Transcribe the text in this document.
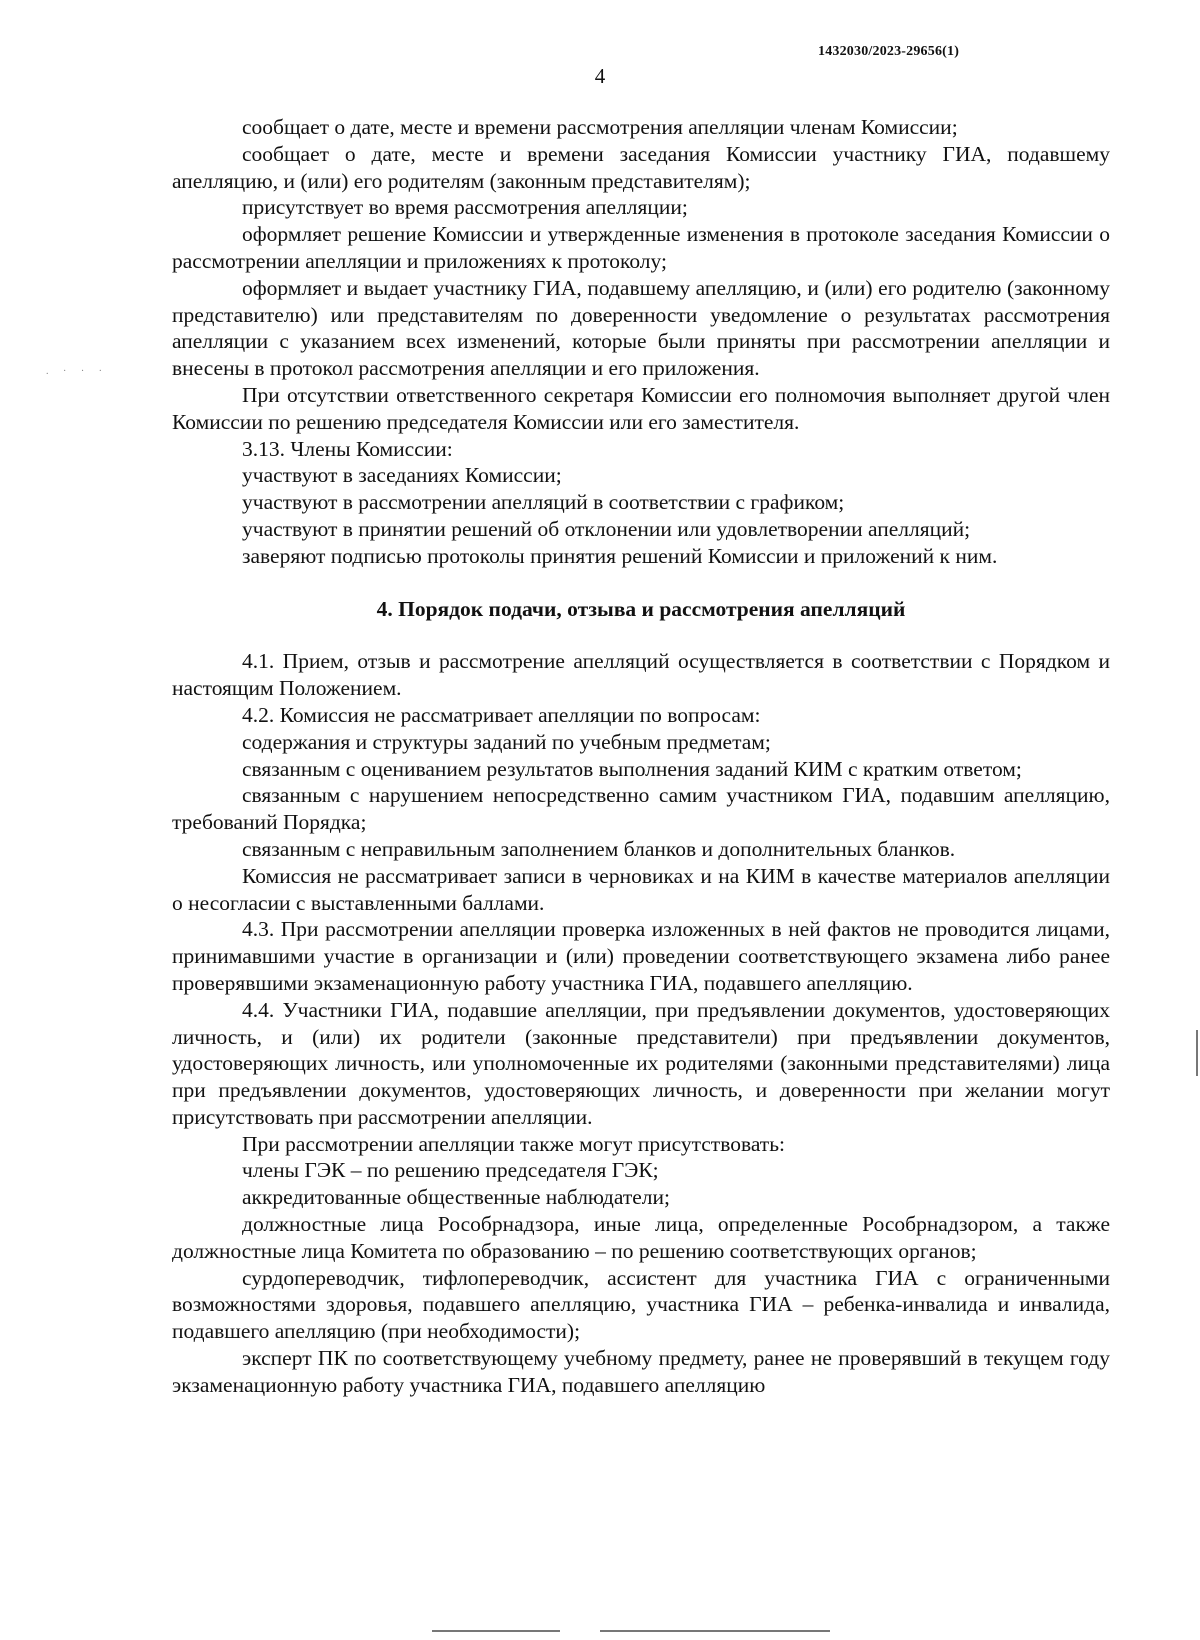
1432030/2023-29656(1)
4
. · · ·

сообщает о дате, месте и времени рассмотрения апелляции членам Комиссии;

сообщает о дате, месте и времени заседания Комиссии участнику ГИА, подавшему апелляцию, и (или) его родителям (законным представителям);

присутствует во время рассмотрения апелляции;

оформляет решение Комиссии и утвержденные изменения в протоколе заседания Комиссии о рассмотрении апелляции и приложениях к протоколу;

оформляет и выдает участнику ГИА, подавшему апелляцию, и (или) его родителю (законному представителю) или представителям по доверенности уведомление о результатах рассмотрения апелляции с указанием всех изменений, которые были приняты при рассмотрении апелляции и внесены в протокол рассмотрения апелляции и его приложения.

При отсутствии ответственного секретаря Комиссии его полномочия выполняет другой член Комиссии по решению председателя Комиссии или его заместителя.

3.13. Члены Комиссии:

участвуют в заседаниях Комиссии;

участвуют в рассмотрении апелляций в соответствии с графиком;

участвуют в принятии решений об отклонении или удовлетворении апелляций;

заверяют подписью протоколы принятия решений Комиссии и приложений к ним.

4. Порядок подачи, отзыва и рассмотрения апелляций

4.1. Прием, отзыв и рассмотрение апелляций осуществляется в соответствии с Порядком и настоящим Положением.

4.2. Комиссия не рассматривает апелляции по вопросам:

содержания и структуры заданий по учебным предметам;

связанным с оцениванием результатов выполнения заданий КИМ с кратким ответом;

связанным с нарушением непосредственно самим участником ГИА, подавшим апелляцию, требований Порядка;

связанным с неправильным заполнением бланков и дополнительных бланков.

Комиссия не рассматривает записи в черновиках и на КИМ в качестве материалов апелляции о несогласии с выставленными баллами.

4.3. При рассмотрении апелляции проверка изложенных в ней фактов не проводится лицами, принимавшими участие в организации и (или) проведении соответствующего экзамена либо ранее проверявшими экзаменационную работу участника ГИА, подавшего апелляцию.

4.4. Участники ГИА, подавшие апелляции, при предъявлении документов, удостоверяющих личность, и (или) их родители (законные представители) при предъявлении документов, удостоверяющих личность, или уполномоченные их родителями (законными представителями) лица при предъявлении документов, удостоверяющих личность, и доверенности при желании могут присутствовать при рассмотрении апелляции.

При рассмотрении апелляции также могут присутствовать:

члены ГЭК – по решению председателя ГЭК;

аккредитованные общественные наблюдатели;

должностные лица Рособрнадзора, иные лица, определенные Рособрнадзором, а также должностные лица Комитета по образованию – по решению соответствующих органов;

сурдопереводчик, тифлопереводчик, ассистент для участника ГИА с ограниченными возможностями здоровья, подавшего апелляцию, участника ГИА – ребенка-инвалида и инвалида, подавшего апелляцию (при необходимости);

эксперт ПК по соответствующему учебному предмету, ранее не проверявший в текущем году экзаменационную работу участника ГИА, подавшего апелляцию
